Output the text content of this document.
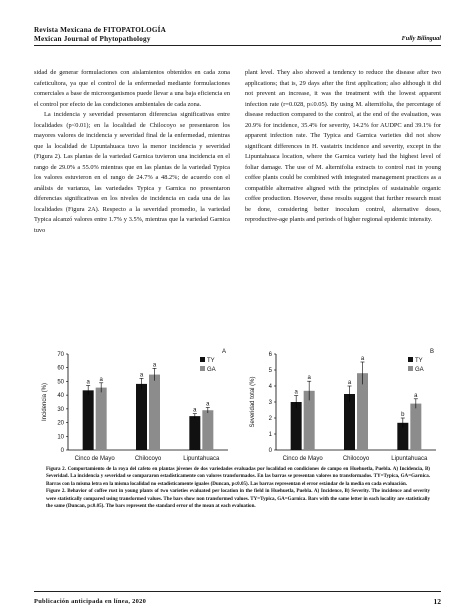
Revista Mexicana de FITOPATOLOGÍA
Mexican Journal of Phytopathology	Fully Bilingual

sidad de generar formulaciones con aislamientos obtenidos en cada zona cafeticultora, ya que el control de la enfermedad mediante formulaciones comerciales a base de microorganismos puede llevar a una baja eficiencia en el control por efecto de las condiciones ambientales de cada zona.

La incidencia y severidad presentaron diferencias significativas entre localidades (p<0.01); en la localidad de Chilocoyo se presentaron los mayores valores de incidencia y severidad final de la enfermedad, mientras que la localidad de Lipuntahuaca tuvo la menor incidencia y severidad (Figura 2). Las plantas de la variedad Garnica tuvieron una incidencia en el rango de 29.0% a 55.0% mientras que en las plantas de la variedad Typica los valores estuvieron en el rango de 24.7% a 48.2%; de acuerdo con el análisis de varianza, las variedades Typica y Garnica no presentaron diferencias significativas en los niveles de incidencia en cada una de las localidades (Figura 2A). Respecto a la severidad promedio, la variedad Typica alcanzó valores entre 1.7% y 3.5%, mientras que la variedad Garnica tuvo

plant level. They also showed a tendency to reduce the disease after two applications; that is, 29 days after the first application; also although it did not prevent an increase, it was the treatment with the lowest apparent infection rate (r=0.028, p≤0.05). By using M. alternifolia, the percentage of disease reduction compared to the control, at the end of the evaluation, was 20.9% for incidence, 35.4% for severity, 14.2% for AUDPC and 39.1% for apparent infection rate. The Typica and Garnica varieties did not show significant differences in H. vastatrix incidence and severity, except in the Lipuntahuaca location, where the Garnica variety had the highest level of foliar damage. The use of M. alternifolia extracts to control rust in young coffee plants could be combined with integrated management practices as a compatible alternative aligned with the principles of sustainable organic coffee production. However, these results suggest that further research must be done, considering better inoculum control, alternative doses, reproductive-age plants and periods of higher regional epidemic intensity.

0
10
20
30
40
50
60
70
Incidencia (%)
Cinco de Mayo
a a
Chilocoyo
a
a
Lipuntahuaca
a
a
A
TY
GA
0
1
2
3
4
5
6
Severidad total (%)
Cinco de Mayo
a
a
Chilocoyo
a
a
Lipuntahuaca
b
a
B
TY
GA

Figura 2. Comportamiento de la roya del cafeto en plantas jóvenes de dos variedades evaluadas por localidad en condiciones de campo en Huehuetla, Puebla. A) Incidencia, B) Severidad. La incidencia y severidad se compararon estadísticamente con valores transformados. En las barras se presentan valores no transformados. TY=Typica, GA=Garnica. Barras con la misma letra en la misma localidad no estadísticamente iguales (Duncan, p≤0.05). Las barras representan el error estándar de la media en cada evaluación.

Figure 2. Behavior of coffee rust in young plants of two varieties evaluated per location in the field in Huehuetla, Puebla. A) Incidence, B) Severity. The incidence and severity were statistically compared using transformed values. The bars show non transformed values. TY=Typica, GA=Garnica. Bars with the same letter in each locality are statistically the same (Duncan, p≤0.05). The bars represent the standard error of the mean at each evaluation.

Publicación anticipada en línea, 2020	12
